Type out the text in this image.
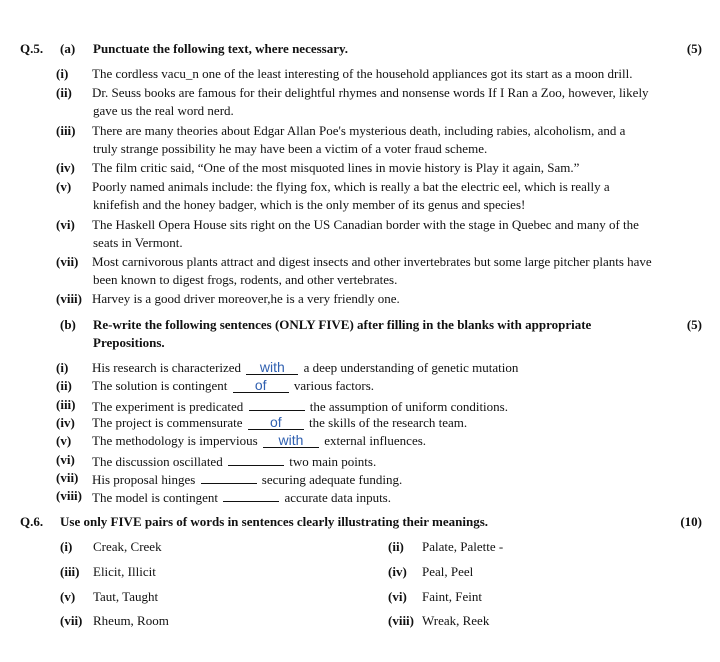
Q.5. (a) Punctuate the following text, where necessary.	(5)
(i)	The cordless vacu_n one of the least interesting of the household appliances got its start as a moon drill.
(ii)	Dr. Seuss books are famous for their delightful rhymes and nonsense words If I Ran a Zoo, however, likely
gave us the real word nerd.
(iii)	There are many theories about Edgar Allan Poe's mysterious death, including rabies, alcoholism, and a
truly strange possibility he may have been a victim of a voter fraud scheme.
(iv)	The film critic said, “One of the most misquoted lines in movie history is Play it again, Sam.”
(v)	Poorly named animals include: the flying fox, which is really a bat the electric eel, which is really a
knifefish and the honey badger, which is the only member of its genus and species!
(vi)	The Haskell Opera House sits right on the US Canadian border with the stage in Quebec and many of the
seats in Vermont.
(vii)	Most carnivorous plants attract and digest insects and other invertebrates but some large pitcher plants have
been known to digest frogs, rodents, and other vertebrates.
(viii) Harvey is a good driver moreover,he is a very friendly one.
(b) Re-write the following sentences (ONLY FIVE) after filling in the blanks with appropriate	(5)
Prepositions.
(i)	His research is characterized with a deep understanding of genetic mutation
(ii)	The solution is contingent of various factors.
(iii)	The experiment is predicated	the assumption of uniform conditions.
(iv)	The project is commensurate of the skills of the research team.
(v)	The methodology is impervious with external influences.
(vi)	The discussion oscillated	two main points.
(vii)	His proposal hinges	securing adequate funding.
(viii) The model is contingent	accurate data inputs.
Q.6. Use only FIVE pairs of words in sentences clearly illustrating their meanings.	(10)
(i) Creak, Creek	(ii) Palate, Palette -
(iii) Elicit, Illicit	(iv) Peal, Peel
(v) Taut, Taught	(vi) Faint, Feint
(vii) Rheum, Room	(viii) Wreak, Reek
